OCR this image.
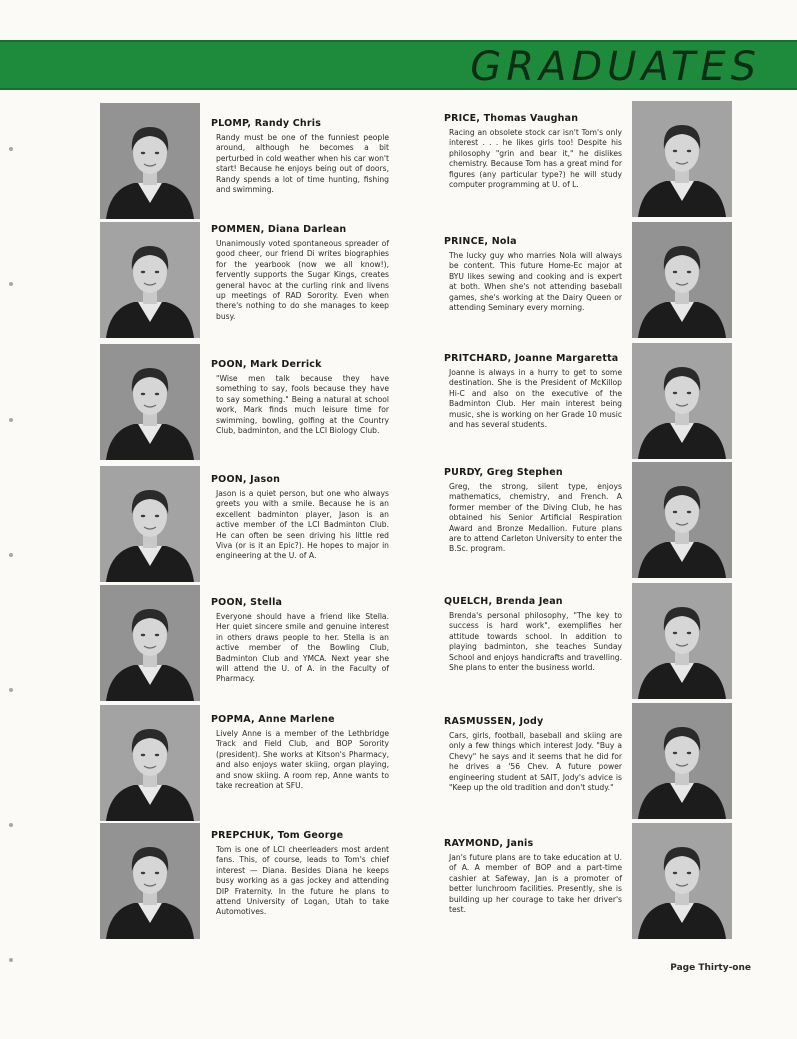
GRADUATES
PLOMP, Randy Chris
Randy must be one of the funniest people around, although he becomes a bit perturbed in cold weather when his car won't start! Because he enjoys being out of doors, Randy spends a lot of time hunting, fishing and swimming.
POMMEN, Diana Darlean
Unanimously voted spontaneous spreader of good cheer, our friend Di writes biographies for the yearbook (now we all know!), fervently supports the Sugar Kings, creates general havoc at the curling rink and livens up meetings of RAD Sorority. Even when there's nothing to do she manages to keep busy.
POON, Mark Derrick
"Wise men talk because they have something to say, fools because they have to say something." Being a natural at school work, Mark finds much leisure time for swimming, bowling, golfing at the Country Club, badminton, and the LCI Biology Club.
POON, Jason
Jason is a quiet person, but one who always greets you with a smile. Because he is an excellent badminton player, Jason is an active member of the LCI Badminton Club. He can often be seen driving his little red Viva (or is it an Epic?). He hopes to major in engineering at the U. of A.
POON, Stella
Everyone should have a friend like Stella. Her quiet sincere smile and genuine interest in others draws people to her. Stella is an active member of the Bowling Club, Badminton Club and YMCA. Next year she will attend the U. of A. in the Faculty of Pharmacy.
POPMA, Anne Marlene
Lively Anne is a member of the Lethbridge Track and Field Club, and BOP Sorority (president). She works at Kitson's Pharmacy, and also enjoys water skiing, organ playing, and snow skiing. A room rep, Anne wants to take recreation at SFU.
PREPCHUK, Tom George
Tom is one of LCI cheerleaders most ardent fans. This, of course, leads to Tom's chief interest — Diana. Besides Diana he keeps busy working as a gas jockey and attending DIP Fraternity. In the future he plans to attend University of Logan, Utah to take Automotives.
PRICE, Thomas Vaughan
Racing an obsolete stock car isn't Tom's only interest . . . he likes girls too! Despite his philosophy "grin and bear it," he dislikes chemistry. Because Tom has a great mind for figures (any particular type?) he will study computer programming at U. of L.
PRINCE, Nola
The lucky guy who marries Nola will always be content. This future Home-Ec major at BYU likes sewing and cooking and is expert at both. When she's not attending baseball games, she's working at the Dairy Queen or attending Seminary every morning.
PRITCHARD, Joanne Margaretta
Joanne is always in a hurry to get to some destination. She is the President of McKillop Hi-C and also on the executive of the Badminton Club. Her main interest being music, she is working on her Grade 10 music and has several students.
PURDY, Greg Stephen
Greg, the strong, silent type, enjoys mathematics, chemistry, and French. A former member of the Diving Club, he has obtained his Senior Artificial Respiration Award and Bronze Medallion. Future plans are to attend Carleton University to enter the B.Sc. program.
QUELCH, Brenda Jean
Brenda's personal philosophy, "The key to success is hard work", exemplifies her attitude towards school. In addition to playing badminton, she teaches Sunday School and enjoys handicrafts and travelling. She plans to enter the business world.
RASMUSSEN, Jody
Cars, girls, football, baseball and skiing are only a few things which interest Jody. "Buy a Chevy" he says and it seems that he did for he drives a '56 Chev. A future power engineering student at SAIT, Jody's advice is "Keep up the old tradition and don't study."
RAYMOND, Janis
Jan's future plans are to take education at U. of A. A member of BOP and a part-time cashier at Safeway, Jan is a promoter of better lunchroom facilities. Presently, she is building up her courage to take her driver's test.
Page Thirty-one
